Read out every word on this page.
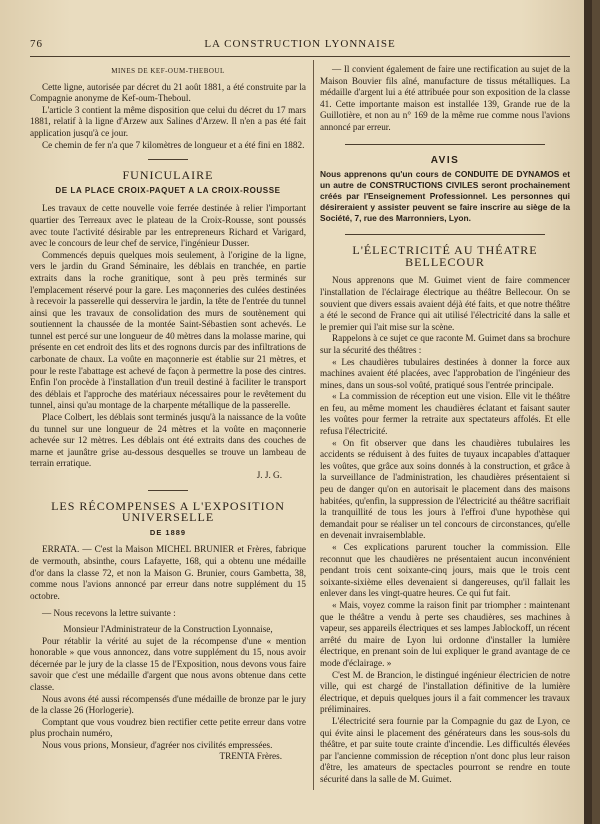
76	LA CONSTRUCTION LYONNAISE

MINES DE KEF-OUM-THEBOUL

Cette ligne, autorisée par décret du 21 août 1881, a été construite par la Compagnie anonyme de Kef-oum-Theboul.

L'article 3 contient la même disposition que celui du décret du 17 mars 1881, relatif à la ligne d'Arzew aux Salines d'Arzew. Il n'en a pas été fait application jusqu'à ce jour.

Ce chemin de fer n'a que 7 kilomètres de longueur et a été fini en 1882.

FUNICULAIRE

DE LA PLACE CROIX-PAQUET A LA CROIX-ROUSSE

Les travaux de cette nouvelle voie ferrée destinée à relier l'important quartier des Terreaux avec le plateau de la Croix-Rousse, sont poussés avec toute l'activité désirable par les entrepreneurs Richard et Varigard, avec le concours de leur chef de service, l'ingénieur Dusser.

Commencés depuis quelques mois seulement, à l'origine de la ligne, vers le jardin du Grand Séminaire, les déblais en tranchée, en partie extraits dans la roche granitique, sont à peu près terminés sur l'emplacement réservé pour la gare. Les maçonneries des culées destinées à recevoir la passerelle qui desservira le jardin, la tête de l'entrée du tunnel ainsi que les travaux de consolidation des murs de soutènement qui soutiennent la chaussée de la montée Saint-Sébastien sont achevés. Le tunnel est percé sur une longueur de 40 mètres dans la molasse marine, qui présente en cet endroit des lits et des rognons durcis par des infiltrations de carbonate de chaux. La voûte en maçonnerie est établie sur 21 mètres, et pour le reste l'abattage est achevé de façon à permettre la pose des cintres. Enfin l'on procède à l'installation d'un treuil destiné à faciliter le transport des déblais et l'approche des matériaux nécessaires pour le revêtement du tunnel, ainsi qu'au montage de la charpente métallique de la passerelle.

Place Colbert, les déblais sont terminés jusqu'à la naissance de la voûte du tunnel sur une longueur de 24 mètres et la voûte en maçonnerie achevée sur 12 mètres. Les déblais ont été extraits dans des couches de marne et jaunâtre grise au-dessous desquelles se trouve un lambeau de terrain erratique.

J. J. G.

LES RÉCOMPENSES A L'EXPOSITION UNIVERSELLE

DE 1889

ERRATA. — C'est la Maison MICHEL BRUNIER et Frères, fabrique de vermouth, absinthe, cours Lafayette, 168, qui a obtenu une médaille d'or dans la classe 72, et non la Maison G. Brunier, cours Gambetta, 38, comme nous l'avions annoncé par erreur dans notre supplément du 15 octobre.

— Nous recevons la lettre suivante :

Monsieur l'Administrateur de la Construction Lyonnaise,

Pour rétablir la vérité au sujet de la récompense d'une « mention honorable » que vous annoncez, dans votre supplément du 15, nous avoir décernée par le jury de la classe 15 de l'Exposition, nous devons vous faire savoir que c'est une médaille d'argent que nous avons obtenue dans cette classe.

Nous avons été aussi récompensés d'une médaille de bronze par le jury de la classe 26 (Horlogerie).

Comptant que vous voudrez bien rectifier cette petite erreur dans votre plus prochain numéro,

Nous vous prions, Monsieur, d'agréer nos civilités empressées.

TRENTA Frères.

— Il convient également de faire une rectification au sujet de la Maison Bouvier fils aîné, manufacture de tissus métalliques. La médaille d'argent lui a été attribuée pour son exposition de la classe 41. Cette importante maison est installée 139, Grande rue de la Guillotière, et non au n° 169 de la même rue comme nous l'avions annoncé par erreur.

AVIS

Nous apprenons qu'un cours de CONDUITE DE DYNAMOS et un autre de CONSTRUCTIONS CIVILES seront prochainement créés par l'Enseignement Professionnel. Les personnes qui désireraient y assister peuvent se faire inscrire au siège de la Société, 7, rue des Marronniers, Lyon.

L'ÉLECTRICITÉ AU THÉATRE BELLECOUR

Nous apprenons que M. Guimet vient de faire commencer l'installation de l'éclairage électrique au théâtre Bellecour. On se souvient que divers essais avaient déjà été faits, et que notre théâtre a été le second de France qui ait utilisé l'électricité dans la salle et le premier qui l'ait mise sur la scène.

Rappelons à ce sujet ce que raconte M. Guimet dans sa brochure sur la sécurité des théâtres :

« Les chaudières tubulaires destinées à donner la force aux machines avaient été placées, avec l'approbation de l'ingénieur des mines, dans un sous-sol voûté, pratiqué sous l'entrée principale.

« La commission de réception eut une vision. Elle vit le théâtre en feu, au même moment les chaudières éclatant et faisant sauter les voûtes pour fermer la retraite aux spectateurs affolés. Et elle refusa l'électricité.

« On fit observer que dans les chaudières tubulaires les accidents se réduisent à des fuites de tuyaux incapables d'attaquer les voûtes, que grâce aux soins donnés à la construction, et grâce à la surveillance de l'administration, les chaudières présentaient si peu de danger qu'on en autorisait le placement dans des maisons habitées, qu'enfin, la suppression de l'électricité au théâtre sacrifiait la tranquillité de tous les jours à l'effroi d'une hypothèse qui demandait pour se réaliser un tel concours de circonstances, qu'elle en devenait invraisemblable.

« Ces explications parurent toucher la commission. Elle reconnut que les chaudières ne présentaient aucun inconvénient pendant trois cent soixante-cinq jours, mais que le trois cent soixante-sixième elles devenaient si dangereuses, qu'il fallait les enlever dans les vingt-quatre heures. Ce qui fut fait.

« Mais, voyez comme la raison finit par triompher : maintenant que le théâtre a vendu à perte ses chaudières, ses machines à vapeur, ses appareils électriques et ses lampes Jablockoff, un récent arrêté du maire de Lyon lui ordonne d'installer la lumière électrique, en prenant soin de lui expliquer le grand avantage de ce mode d'éclairage. »

C'est M. de Brancion, le distingué ingénieur électricien de notre ville, qui est chargé de l'installation définitive de la lumière électrique, et depuis quelques jours il a fait commencer les travaux préliminaires.

L'électricité sera fournie par la Compagnie du gaz de Lyon, ce qui évite ainsi le placement des générateurs dans les sous-sols du théâtre, et par suite toute crainte d'incendie. Les difficultés élevées par l'ancienne commission de réception n'ont donc plus leur raison d'être, les amateurs de spectacles pourront se rendre en toute sécurité dans la salle de M. Guimet.
